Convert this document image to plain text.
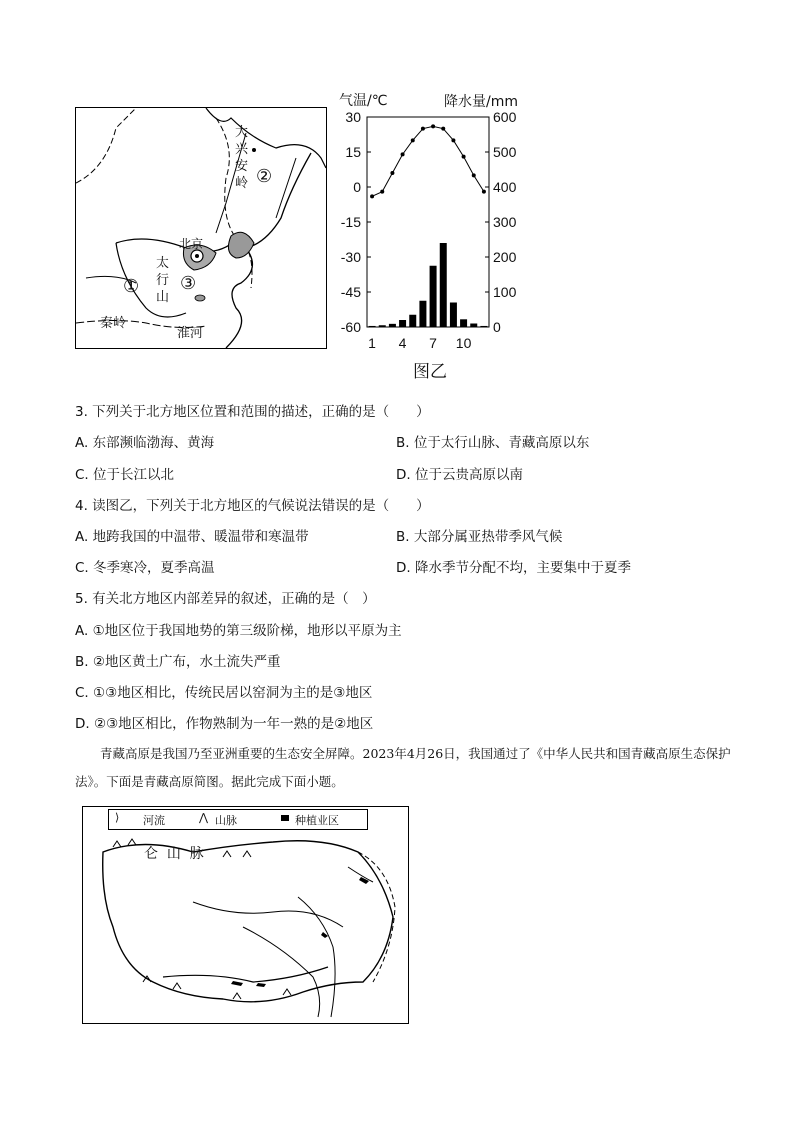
大
兴
安
岭 ②
北京
太
行
山
① ③
秦岭
淮河
气温/℃	降水量/mm
30	600
15	500
0	400
-15	300
-30	200
-45	100
-60	0
1 4 7 10
图乙
3. 下列关于北方地区位置和范围的描述，正确的是（　　）
A. 东部濒临渤海、黄海	B. 位于太行山脉、青藏高原以东
C. 位于长江以北	D. 位于云贵高原以南
4. 读图乙，下列关于北方地区的气候说法错误的是（　　）
A. 地跨我国的中温带、暖温带和寒温带	B. 大部分属亚热带季风气候
C. 冬季寒冷，夏季高温	D. 降水季节分配不均，主要集中于夏季
5. 有关北方地区内部差异的叙述，正确的是（　）
A. ①地区位于我国地势的第三级阶梯，地形以平原为主
B. ②地区黄土广布，水土流失严重
C. ①③地区相比，传统民居以窑洞为主的是③地区
D. ②③地区相比，作物熟制为一年一熟的是②地区
青藏高原是我国乃至亚洲重要的生态安全屏障。2023年4月26日，我国通过了《中华人民共和国青藏高原生态保护法》。下面是青藏高原简图。据此完成下面小题。
仑  山  脉
⟩ 河流	⋀ 山脉	种植业区
